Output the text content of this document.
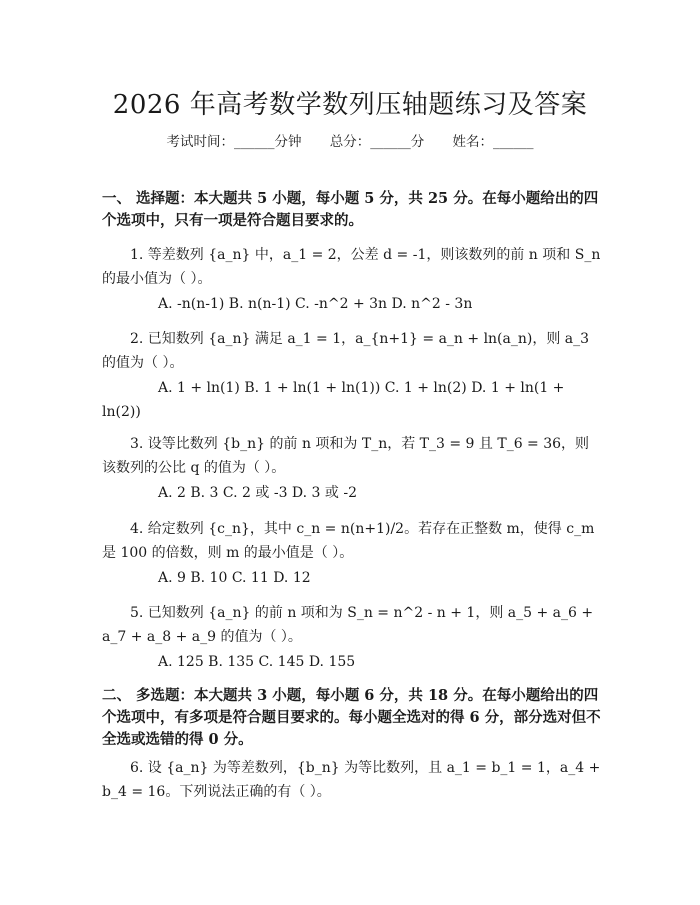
2026 年高考数学数列压轴题练习及答案
考试时间：______分钟 总分：______分 姓名：______
一、 选择题：本大题共 5 小题，每小题 5 分，共 25 分。在每小题给出的四个选项中，只有一项是符合题目要求的。
1. 等差数列 {a_n} 中，a_1 = 2，公差 d = -1，则该数列的前 n 项和 S_n 的最小值为（ ）。
A. -n(n-1) B. n(n-1) C. -n^2 + 3n D. n^2 - 3n
2. 已知数列 {a_n} 满足 a_1 = 1，a_{n+1} = a_n + ln(a_n)，则 a_3 的值为（ ）。
A. 1 + ln(1) B. 1 + ln(1 + ln(1)) C. 1 + ln(2) D. 1 + ln(1 + ln(2))
3. 设等比数列 {b_n} 的前 n 项和为 T_n，若 T_3 = 9 且 T_6 = 36，则该数列的公比 q 的值为（ ）。
A. 2 B. 3 C. 2 或 -3 D. 3 或 -2
4. 给定数列 {c_n}，其中 c_n = n(n+1)/2。若存在正整数 m，使得 c_m 是 100 的倍数，则 m 的最小值是（ ）。
A. 9 B. 10 C. 11 D. 12
5. 已知数列 {a_n} 的前 n 项和为 S_n = n^2 - n + 1，则 a_5 + a_6 + a_7 + a_8 + a_9 的值为（ ）。
A. 125 B. 135 C. 145 D. 155
二、 多选题：本大题共 3 小题，每小题 6 分，共 18 分。在每小题给出的四个选项中，有多项是符合题目要求的。每小题全选对的得 6 分，部分选对但不全选或选错的得 0 分。
6. 设 {a_n} 为等差数列，{b_n} 为等比数列，且 a_1 = b_1 = 1，a_4 + b_4 = 16。下列说法正确的有（ ）。
